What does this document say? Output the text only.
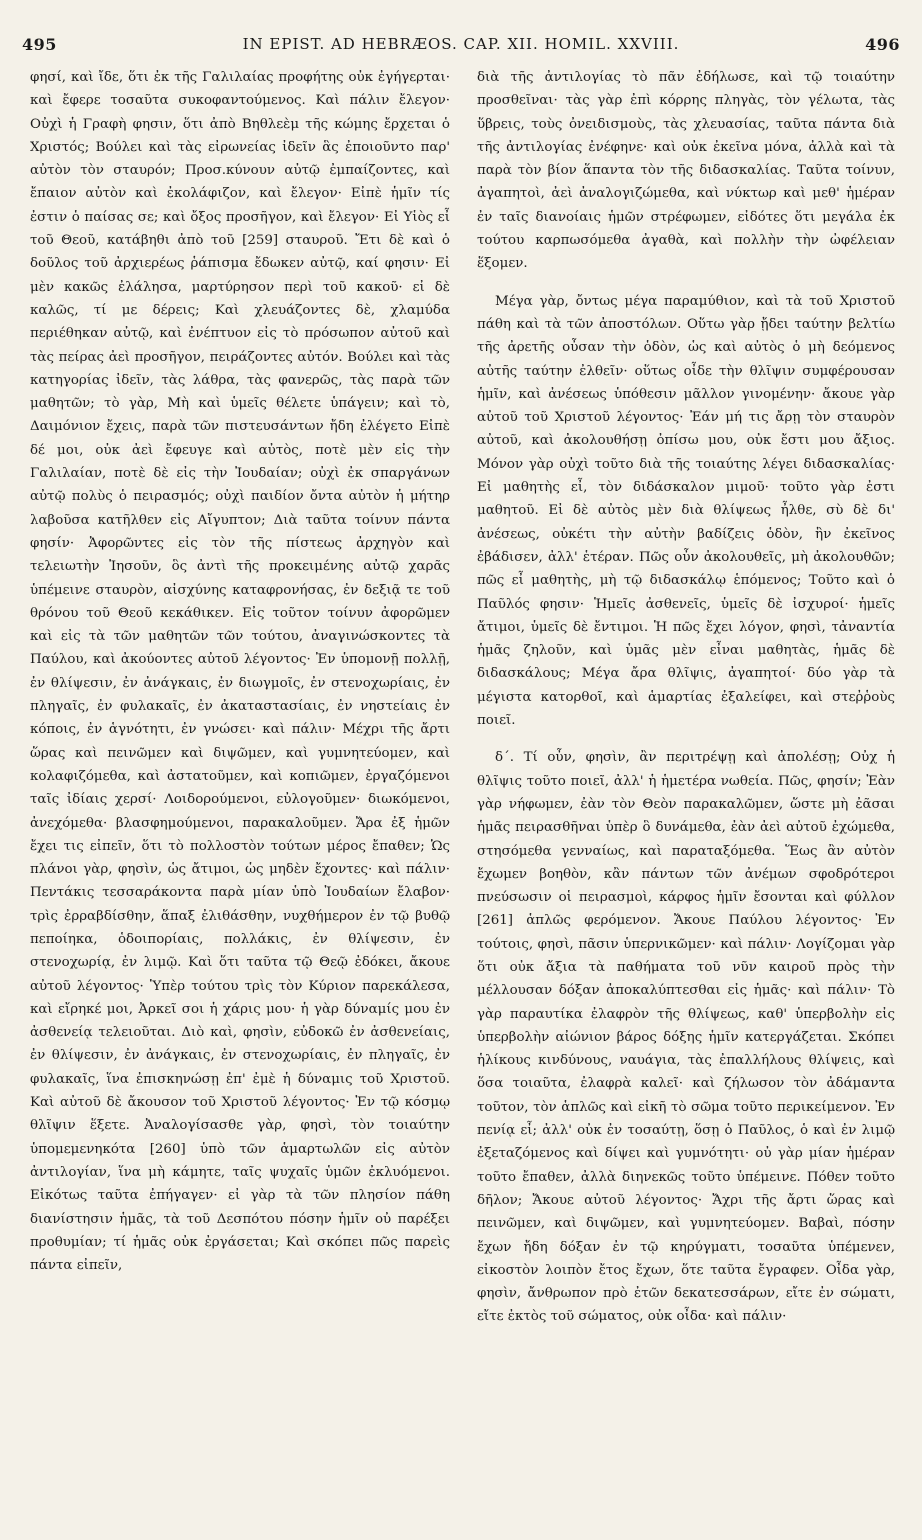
495	IN EPIST. AD HEBRÆOS. CAP. XII. HOMIL. XXVIII.	496

φησί, καὶ ἴδε, ὅτι ἐκ τῆς Γαλιλαίας προφήτης οὐκ ἐγήγερται· καὶ ἔφερε τοσαῦτα συκοφαντούμενος. Καὶ πάλιν ἔλεγον· Οὐχὶ ἡ Γραφὴ φησιν, ὅτι ἀπὸ Βηθλεὲμ τῆς κώμης ἔρχεται ὁ Χριστός; Βούλει καὶ τὰς εἰρωνείας ἰδεῖν ἃς ἐποιοῦντο παρ' αὐτὸν τὸν σταυρόν; Προσ.κύνουν αὐτῷ ἐμπαίζοντες, καὶ ἔπαιον αὐτὸν καὶ ἐκολάφιζον, καὶ ἔλεγον· Εἰπὲ ἡμῖν τίς ἐστιν ὁ παίσας σε; καὶ ὄξος προσῆγον, καὶ ἔλεγον· Εἰ Υἱὸς εἶ τοῦ Θεοῦ, κατάβηθι ἀπὸ τοῦ [259] σταυροῦ. Ἔτι δὲ καὶ ὁ δοῦλος τοῦ ἀρχιερέως ῥάπισμα ἔδωκεν αὐτῷ, καί φησιν· Εἰ μὲν κακῶς ἐλάλησα, μαρτύρησον περὶ τοῦ κακοῦ· εἰ δὲ καλῶς, τί με δέρεις; Καὶ χλευάζοντες δὲ, χλαμύδα περιέθηκαν αὐτῷ, καὶ ἐνέπτυον εἰς τὸ πρόσωπον αὐτοῦ καὶ τὰς πείρας ἀεὶ προσῆγον, πειράζοντες αὐτόν. Βούλει καὶ τὰς κατηγορίας ἰδεῖν, τὰς λάθρα, τὰς φανερῶς, τὰς παρὰ τῶν μαθητῶν; τὸ γὰρ, Μὴ καὶ ὑμεῖς θέλετε ὑπάγειν; καὶ τὸ, Δαιμόνιον ἔχεις, παρὰ τῶν πιστευσάντων ἤδη ἐλέγετο Εἰπὲ δέ μοι, οὐκ ἀεὶ ἔφευγε καὶ αὐτὸς, ποτὲ μὲν εἰς τὴν Γαλιλαίαν, ποτὲ δὲ εἰς τὴν Ἰουδαίαν; οὐχὶ ἐκ σπαργάνων αὐτῷ πολὺς ὁ πειρασμός; οὐχὶ παιδίον ὄντα αὐτὸν ἡ μήτηρ λαβοῦσα κατῆλθεν εἰς Αἴγυπτον; Διὰ ταῦτα τοίνυν πάντα φησίν· Ἀφορῶντες εἰς τὸν τῆς πίστεως ἀρχηγὸν καὶ τελειωτὴν Ἰησοῦν, ὃς ἀντὶ τῆς προκειμένης αὐτῷ χαρᾶς ὑπέμεινε σταυρὸν, αἰσχύνης καταφρονήσας, ἐν δεξιᾷ τε τοῦ θρόνου τοῦ Θεοῦ κεκάθικεν. Εἰς τοῦτον τοίνυν ἀφορῶμεν καὶ εἰς τὰ τῶν μαθητῶν τῶν τούτου, ἀναγινώσκοντες τὰ Παύλου, καὶ ἀκούοντες αὐτοῦ λέγοντος· Ἐν ὑπομονῇ πολλῇ, ἐν θλίψεσιν, ἐν ἀνάγκαις, ἐν διωγμοῖς, ἐν στενοχωρίαις, ἐν πληγαῖς, ἐν φυλακαῖς, ἐν ἀκαταστασίαις, ἐν νηστείαις ἐν κόποις, ἐν ἁγνότητι, ἐν γνώσει· καὶ πάλιν· Μέχρι τῆς ἄρτι ὥρας καὶ πεινῶμεν καὶ διψῶμεν, καὶ γυμνητεύομεν, καὶ κολαφιζόμεθα, καὶ ἀστατοῦμεν, καὶ κοπιῶμεν, ἐργαζόμενοι ταῖς ἰδίαις χερσί· Λοιδορούμενοι, εὐλογοῦμεν· διωκόμενοι, ἀνεχόμεθα· βλασφημούμενοι, παρακαλοῦμεν. Ἄρα ἐξ ἡμῶν ἔχει τις εἰπεῖν, ὅτι τὸ πολλοστὸν τούτων μέρος ἔπαθεν; Ὡς πλάνοι γὰρ, φησὶν, ὡς ἄτιμοι, ὡς μηδὲν ἔχοντες· καὶ πάλιν· Πεντάκις τεσσαράκοντα παρὰ μίαν ὑπὸ Ἰουδαίων ἔλαβον· τρὶς ἐρραβδίσθην, ἅπαξ ἐλιθάσθην, νυχθήμερον ἐν τῷ βυθῷ πεποίηκα, ὁδοιπορίαις, πολλάκις, ἐν θλίψεσιν, ἐν στενοχωρίᾳ, ἐν λιμῷ. Καὶ ὅτι ταῦτα τῷ Θεῷ ἐδόκει, ἄκουε αὐτοῦ λέγοντος· Ὑπὲρ τούτου τρὶς τὸν Κύριον παρεκάλεσα, καὶ εἴρηκέ μοι, Ἀρκεῖ σοι ἡ χάρις μου· ἡ γὰρ δύναμίς μου ἐν ἀσθενείᾳ τελειοῦται. Διὸ καὶ, φησὶν, εὐδοκῶ ἐν ἀσθενείαις, ἐν θλίψεσιν, ἐν ἀνάγκαις, ἐν στενοχωρίαις, ἐν πληγαῖς, ἐν φυλακαῖς, ἵνα ἐπισκηνώσῃ ἐπ' ἐμὲ ἡ δύναμις τοῦ Χριστοῦ. Καὶ αὐτοῦ δὲ ἄκουσον τοῦ Χριστοῦ λέγοντος· Ἐν τῷ κόσμῳ θλῖψιν ἕξετε. Ἀναλογίσασθε γὰρ, φησὶ, τὸν τοιαύτην ὑπομεμενηκότα [260] ὑπὸ τῶν ἁμαρτωλῶν εἰς αὐτὸν ἀντιλογίαν, ἵνα μὴ κάμητε, ταῖς ψυχαῖς ὑμῶν ἐκλυόμενοι. Εἰκότως ταῦτα ἐπήγαγεν· εἰ γὰρ τὰ τῶν πλησίον πάθη διανίστησιν ἡμᾶς, τὰ τοῦ Δεσπότου πόσην ἡμῖν οὐ παρέξει προθυμίαν; τί ἡμᾶς οὐκ ἐργάσεται; Καὶ σκόπει πῶς παρεὶς πάντα εἰπεῖν,

διὰ τῆς ἀντιλογίας τὸ πᾶν ἐδήλωσε, καὶ τῷ τοιαύτην προσθεῖναι· τὰς γὰρ ἐπὶ κόρρης πληγὰς, τὸν γέλωτα, τὰς ὕβρεις, τοὺς ὀνειδισμοὺς, τὰς χλευασίας, ταῦτα πάντα διὰ τῆς ἀντιλογίας ἐνέφηνε· καὶ οὐκ ἐκεῖνα μόνα, ἀλλὰ καὶ τὰ παρὰ τὸν βίον ἅπαντα τὸν τῆς διδασκαλίας. Ταῦτα τοίνυν, ἀγαπητοὶ, ἀεὶ ἀναλογιζώμεθα, καὶ νύκτωρ καὶ μεθ' ἡμέραν ἐν ταῖς διανοίαις ἡμῶν στρέφωμεν, εἰδότες ὅτι μεγάλα ἐκ τούτου καρπωσόμεθα ἀγαθὰ, καὶ πολλὴν τὴν ὠφέλειαν ἕξομεν.

Μέγα γὰρ, ὄντως μέγα παραμύθιον, καὶ τὰ τοῦ Χριστοῦ πάθη καὶ τὰ τῶν ἀποστόλων. Οὕτω γὰρ ᾔδει ταύτην βελτίω τῆς ἀρετῆς οὖσαν τὴν ὁδὸν, ὡς καὶ αὐτὸς ὁ μὴ δεόμενος αὐτῆς ταύτην ἐλθεῖν· οὕτως οἶδε τὴν θλῖψιν συμφέρουσαν ἡμῖν, καὶ ἀνέσεως ὑπόθεσιν μᾶλλον γινομένην· ἄκουε γὰρ αὐτοῦ τοῦ Χριστοῦ λέγοντος· Ἐάν μή τις ἄρῃ τὸν σταυρὸν αὐτοῦ, καὶ ἀκολουθήσῃ ὀπίσω μου, οὐκ ἔστι μου ἄξιος. Μόνον γὰρ οὐχὶ τοῦτο διὰ τῆς τοιαύτης λέγει διδασκαλίας· Εἰ μαθητὴς εἶ, τὸν διδάσκαλον μιμοῦ· τοῦτο γὰρ ἐστι μαθητοῦ. Εἰ δὲ αὐτὸς μὲν διὰ θλίψεως ἦλθε, σὺ δὲ δι' ἀνέσεως, οὐκέτι τὴν αὐτὴν βαδίζεις ὁδὸν, ἣν ἐκεῖνος ἐβάδισεν, ἀλλ' ἑτέραν. Πῶς οὖν ἀκολουθεῖς, μὴ ἀκολουθῶν; πῶς εἶ μαθητὴς, μὴ τῷ διδασκάλῳ ἑπόμενος; Τοῦτο καὶ ὁ Παῦλός φησιν· Ἡμεῖς ἀσθενεῖς, ὑμεῖς δὲ ἰσχυροί· ἡμεῖς ἄτιμοι, ὑμεῖς δὲ ἔντιμοι. Ἡ πῶς ἔχει λόγον, φησὶ, τἀναντία ἡμᾶς ζηλοῦν, καὶ ὑμᾶς μὲν εἶναι μαθητὰς, ἡμᾶς δὲ διδασκάλους; Μέγα ἄρα θλῖψις, ἀγαπητοί· δύο γὰρ τὰ μέγιστα κατορθοῖ, καὶ ἁμαρτίας ἐξαλείφει, καὶ στεῤῥοὺς ποιεῖ.

δ´. Τί οὖν, φησὶν, ἂν περιτρέψῃ καὶ ἀπολέσῃ; Οὐχ ἡ θλῖψις τοῦτο ποιεῖ, ἀλλ' ἡ ἡμετέρα νωθεία. Πῶς, φησίν; Ἐὰν γὰρ νήφωμεν, ἐὰν τὸν Θεὸν παρακαλῶμεν, ὥστε μὴ ἐᾶσαι ἡμᾶς πειρασθῆναι ὑπὲρ ὃ δυνάμεθα, ἐὰν ἀεὶ αὐτοῦ ἐχώμεθα, στησόμεθα γενναίως, καὶ παραταξόμεθα. Ἕως ἂν αὐτὸν ἔχωμεν βοηθὸν, κἂν πάντων τῶν ἀνέμων σφοδρότεροι πνεύσωσιν οἱ πειρασμοὶ, κάρφος ἡμῖν ἔσονται καὶ φύλλον [261] ἁπλῶς φερόμενον. Ἄκουε Παύλου λέγοντος· Ἐν τούτοις, φησὶ, πᾶσιν ὑπερνικῶμεν· καὶ πάλιν· Λογίζομαι γὰρ ὅτι οὐκ ἄξια τὰ παθήματα τοῦ νῦν καιροῦ πρὸς τὴν μέλλουσαν δόξαν ἀποκαλύπτεσθαι εἰς ἡμᾶς· καὶ πάλιν· Τὸ γὰρ παραυτίκα ἐλαφρὸν τῆς θλίψεως, καθ' ὑπερβολὴν εἰς ὑπερβολὴν αἰώνιον βάρος δόξης ἡμῖν κατεργάζεται. Σκόπει ἡλίκους κινδύνους, ναυάγια, τὰς ἐπαλλήλους θλίψεις, καὶ ὅσα τοιαῦτα, ἐλαφρὰ καλεῖ· καὶ ζήλωσον τὸν ἀδάμαντα τοῦτον, τὸν ἁπλῶς καὶ εἰκῆ τὸ σῶμα τοῦτο περικείμενον. Ἐν πενίᾳ εἶ; ἀλλ' οὐκ ἐν τοσαύτῃ, ὅσῃ ὁ Παῦλος, ὁ καὶ ἐν λιμῷ ἐξεταζόμενος καὶ δίψει καὶ γυμνότητι· οὐ γὰρ μίαν ἡμέραν τοῦτο ἔπαθεν, ἀλλὰ διηνεκῶς τοῦτο ὑπέμεινε. Πόθεν τοῦτο δῆλον; Ἄκουε αὐτοῦ λέγοντος· Ἄχρι τῆς ἄρτι ὥρας καὶ πεινῶμεν, καὶ διψῶμεν, καὶ γυμνητεύομεν. Βαβαὶ, πόσην ἔχων ἤδη δόξαν ἐν τῷ κηρύγματι, τοσαῦτα ὑπέμενεν, εἰκοστὸν λοιπὸν ἔτος ἔχων, ὅτε ταῦτα ἔγραφεν. Οἶδα γὰρ, φησὶν, ἄνθρωπον πρὸ ἐτῶν δεκατεσσάρων, εἴτε ἐν σώματι, εἴτε ἐκτὸς τοῦ σώματος, οὐκ οἶδα· καὶ πάλιν·
